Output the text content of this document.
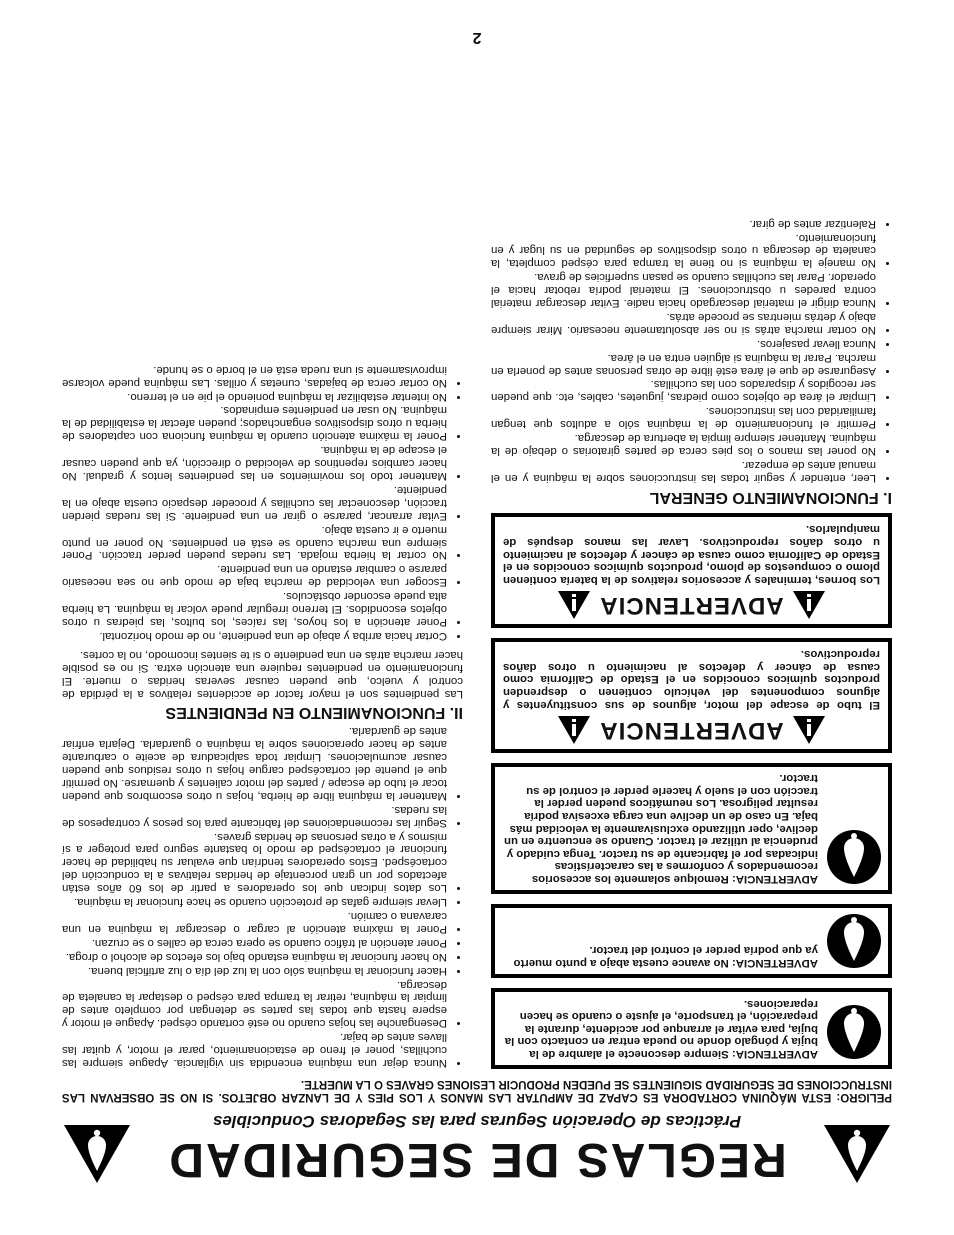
REGLAS DE SEGURIDAD
Prácticas de Operación Seguras para las Segadoras Conducibles
PELIGRO: ESTA MÁQUINA CORTADORA ES CAPAZ DE AMPUTAR LAS MANOS Y LOS PIES Y DE LANZAR OBJETOS. SI NO SE OBSERVAN LAS INSTRUCCIONES DE SEGURIDAD SIGUIENTES SE PUEDEN PRODUCIR LESIONES GRAVES O LA MUERTE.
ADVERTENCIA: Siempre desconecte el alambre de la bujía y póngalo donde no pueda entrar en contacto con la bujía, para evitar el arranque por accidente, durante la preparación, el transporte, el ajuste o cuando se hacen reparaciones.
ADVERTENCIA: No avance cuesta abajo a punto muerto ya que podría perder el control del tractor.
ADVERTENCIA: Remolque solamente los accesorios recomendados y conformes a las características indicadas por el fabricante de su tractor. Tenga cuidado y prudencia al utilizar el tractor. Cuando se encuentre en un declive, oper utilizando exclusivamente la velocidad más baja. En caso de un declive una carga excesiva podría resultar peligrosa. Los neumáticos pueden perder la tracción con el suelo y hacerle perder el control de su tractor.
ADVERTENCIA
El tubo de escape del motor, algunos de sus constituyentes y algunos componentes del vehículo contienen o desprenden productos químicos conocidos en el Estado de California como causa de cáncer y defectos al nacimiento u otros daños reproductivos.
ADVERTENCIA
Los bornes, terminales y accesorios relativos de la batería contienen plomo o compuestos de plomo, productos químicos conocidos en el Estado de California como causa de cáncer y defectos al nacimiento u otros daños reproductivos. Lavar las manos después de manipularlos.
I. FUNCIONAMIENTO GENERAL
• Leer, entender y seguir todas las instrucciones sobre la máquina y en el manual antes de empezar.
• No poner las manos o los pies cerca de partes giratorias o debajo de la máquina. Mantener siempre limpia la abertura de descarga.
• Permitir el funcionamiento de la máquina sólo a adultos que tengan familiaridad con las instrucciones.
• Limpiar el área de objetos como piedras, juguetes, cables, etc. que pueden ser recogidos y disparados con las cuchillas.
• Asegurarse de que el área esté libre de otras personas antes de ponerla en marcha. Parar la máquina si alguien entra en el área.
• Nunca llevar pasajeros.
• No cortar marcha atrás si no ser absolutamente necesario. Mirar siempre abajo y detrás mientras se procede atrás.
• Nunca dirigir el material descargado hacia nadie. Evitar descargar material contra paredes u obstrucciones. El material podría rebotar hacia el operador. Parar las cuchillas cuando se pasan superficies de grava.
• No maneje la máquina si no tiene la trampa para césped completa, la canaleta de descarga u otros dispositivos de seguridad en su lugar y en funcionamiento.
• Ralentizar antes de girar.
• Nunca dejar una máquina encendida sin vigilancia. Apague siempre las cuchillas, poner el freno de estacionamiento, parar el motor, y quitar las llaves antes de bajar.
• Desenganche las hojas cuando no esté cortando césped. Apague el motor y espere hasta que todas las partes se detengan por completo antes de limpiar la máquina, retirar la trampa para césped o destapar la canaleta de descarga.
• Hacer funcionar la máquina sólo con la luz del día o luz artificial buena.
• No hacer funcionar la máquina estando bajo los efectos de alcohol o droga.
• Poner atención al tráfico cuando se opera cerca de calles o se cruzan.
• Poner la máxima atención al cargar o descargar la máquina en una caravana o camión.
• Llevar siempre gafas de protección cuando se hace funcionar la máquina.
• Los datos indican que los operadores a partir de los 60 años están afectados por un gran porcentaje de heridas relativas a la conducción del cortacésped. Estos operadores tendrían que evaluar su habilidad de hacer funcionar el cortacésped de modo lo bastante seguro para proteger a sí mismos y a otras personas de heridas graves.
• Seguir las recomendaciones del fabricante para los pesos y contrapesos de las ruedas.
• Mantener la máquina libre de hierba, hojas u otros escombros que pueden tocar el tubo de escape / partes del motor calientes y quemarse. No permitir que el puente del cortacésped cargue hojas u otros residuos que pueden causar acumulaciones. Limpiar toda salpicadura de aceite o carburante antes de hacer operaciones sobre la máquina o guardarla. Dejarla enfriar antes de guardarla.
II. FUNCIONAMIENTO EN PENDIENTES
Las pendientes son el mayor factor de accidentes relativos a la pérdida de control y vuelco, que pueden causar severas heridas o muerte. El funcionamiento en pendientes requiere una atención extra. Si no es posible hacer marcha atrás en una pendiente o si te sientes incomodo, no la cortes.
• Cortar hacia arriba y abajo de una pendiente, no de modo horizontal.
• Poner atención a los hoyos, las raíces, los bultos, las piedras u otros objetos escondidos. El terreno irregular puede volcar la máquina. La hierba alta puede esconder obstáculos.
• Escoger una velocidad de marcha baja de modo que no sea necesario pararse o cambiar estando en una pendiente.
• No cortar la hierba mojada. Las ruedas pueden perder tracción. Poner siempre una marcha cuando se está en pendientes. No poner en punto muerto e ir cuesta abajo.
• Evitar arrancar, pararse o girar en una pendiente. Si las ruedas pierden tracción, desconectar las cuchillas y proceder despacio cuesta abajo en la pendiente.
• Mantener todo los movimientos en las pendientes lentos y gradual. No hacer cambios repentinos de velocidad o dirección, ya que pueden causar el escape de la máquina.
• Poner la máxima atención cuando la máquina funciona con captadores de hierba u otros dispositivos enganchados; pueden afectar la estabilidad de la máquina. No usar en pendientes empinados.
• No intentar estabilizar la máquina poniendo el pie en el terreno.
• No cortar cerca de bajadas, cunetas y orillas. Las máquina puede volcarse improvisamente si una rueda está en el borde o se hunde.
2
